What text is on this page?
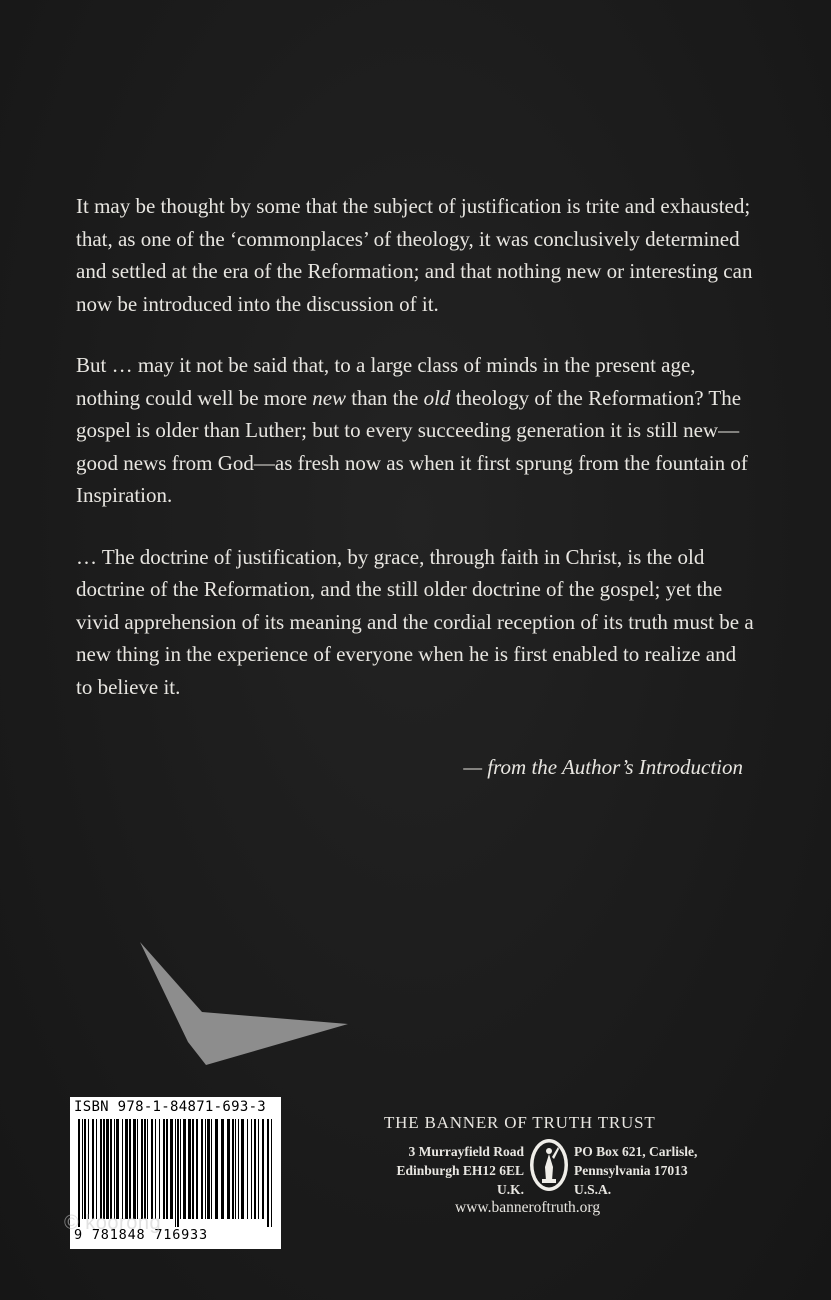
It may be thought by some that the subject of justification is trite and exhausted; that, as one of the ‘commonplaces’ of theology, it was conclusively determined and settled at the era of the Reformation; and that nothing new or interesting can now be introduced into the discussion of it.

But … may it not be said that, to a large class of minds in the present age, nothing could well be more new than the old theology of the Reformation? The gospel is older than Luther; but to every succeeding generation it is still new—good news from God—as fresh now as when it first sprung from the fountain of Inspiration.

… The doctrine of justification, by grace, through faith in Christ, is the old doctrine of the Reformation, and the still older doctrine of the gospel; yet the vivid apprehension of its meaning and the cordial reception of its truth must be a new thing in the experience of everyone when he is first enabled to realize and to believe it.

— from the Author’s Introduction
ISBN 978-1-84871-693-3
9 781848 716933
THE BANNER OF TRUTH TRUST
3 Murrayfield Road
Edinburgh EH12 6EL
U.K.
PO Box 621, Carlisle,
Pennsylvania 17013
U.S.A.
www.banneroftruth.org
© koorong
